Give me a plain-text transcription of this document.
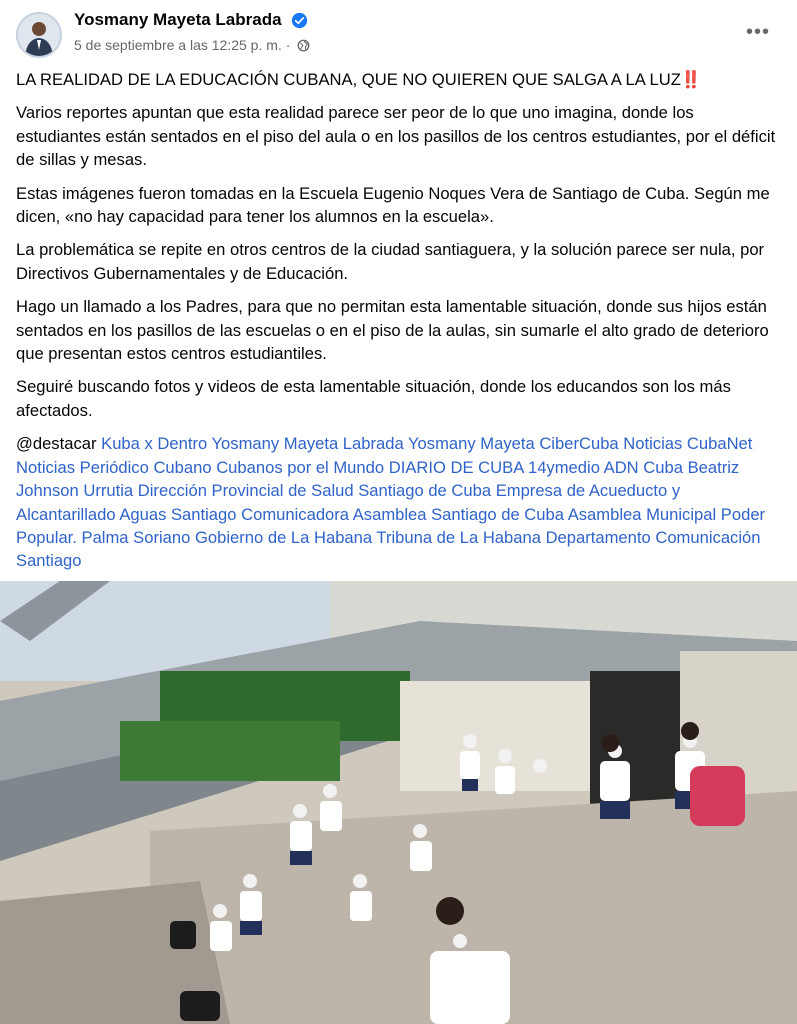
Yosmany Mayeta Labrada
5 de septiembre a las 12:25 p. m. ·
•••

LA REALIDAD DE LA EDUCACIÓN CUBANA, QUE NO QUIEREN QUE SALGA A LA LUZ‼️

Varios reportes apuntan que esta realidad parece ser peor de lo que uno imagina, donde los estudiantes están sentados en el piso del aula o en los pasillos de los centros estudiantes, por el déficit de sillas y mesas.

Estas imágenes fueron tomadas en la Escuela Eugenio Noques Vera de Santiago de Cuba. Según me dicen, «no hay capacidad para tener los alumnos en la escuela».

La problemática se repite en otros centros de la ciudad santiaguera, y la solución parece ser nula, por Directivos Gubernamentales y de Educación.

Hago un llamado a los Padres, para que no permitan esta lamentable situación, donde sus hijos están sentados en los pasillos de las escuelas o en el piso de la aulas, sin sumarle el alto grado de deterioro que presentan estos centros estudiantiles.

Seguiré buscando fotos y videos de esta lamentable situación, donde los educandos son los más afectados.

@destacar Kuba x Dentro Yosmany Mayeta Labrada Yosmany Mayeta CiberCuba Noticias CubaNet Noticias Periódico Cubano Cubanos por el Mundo DIARIO DE CUBA 14ymedio ADN Cuba Beatriz Johnson Urrutia Dirección Provincial de Salud Santiago de Cuba Empresa de Acueducto y Alcantarillado Aguas Santiago Comunicadora Asamblea Santiago de Cuba Asamblea Municipal Poder Popular. Palma Soriano Gobierno de La Habana Tribuna de La Habana Departamento Comunicación Santiago
